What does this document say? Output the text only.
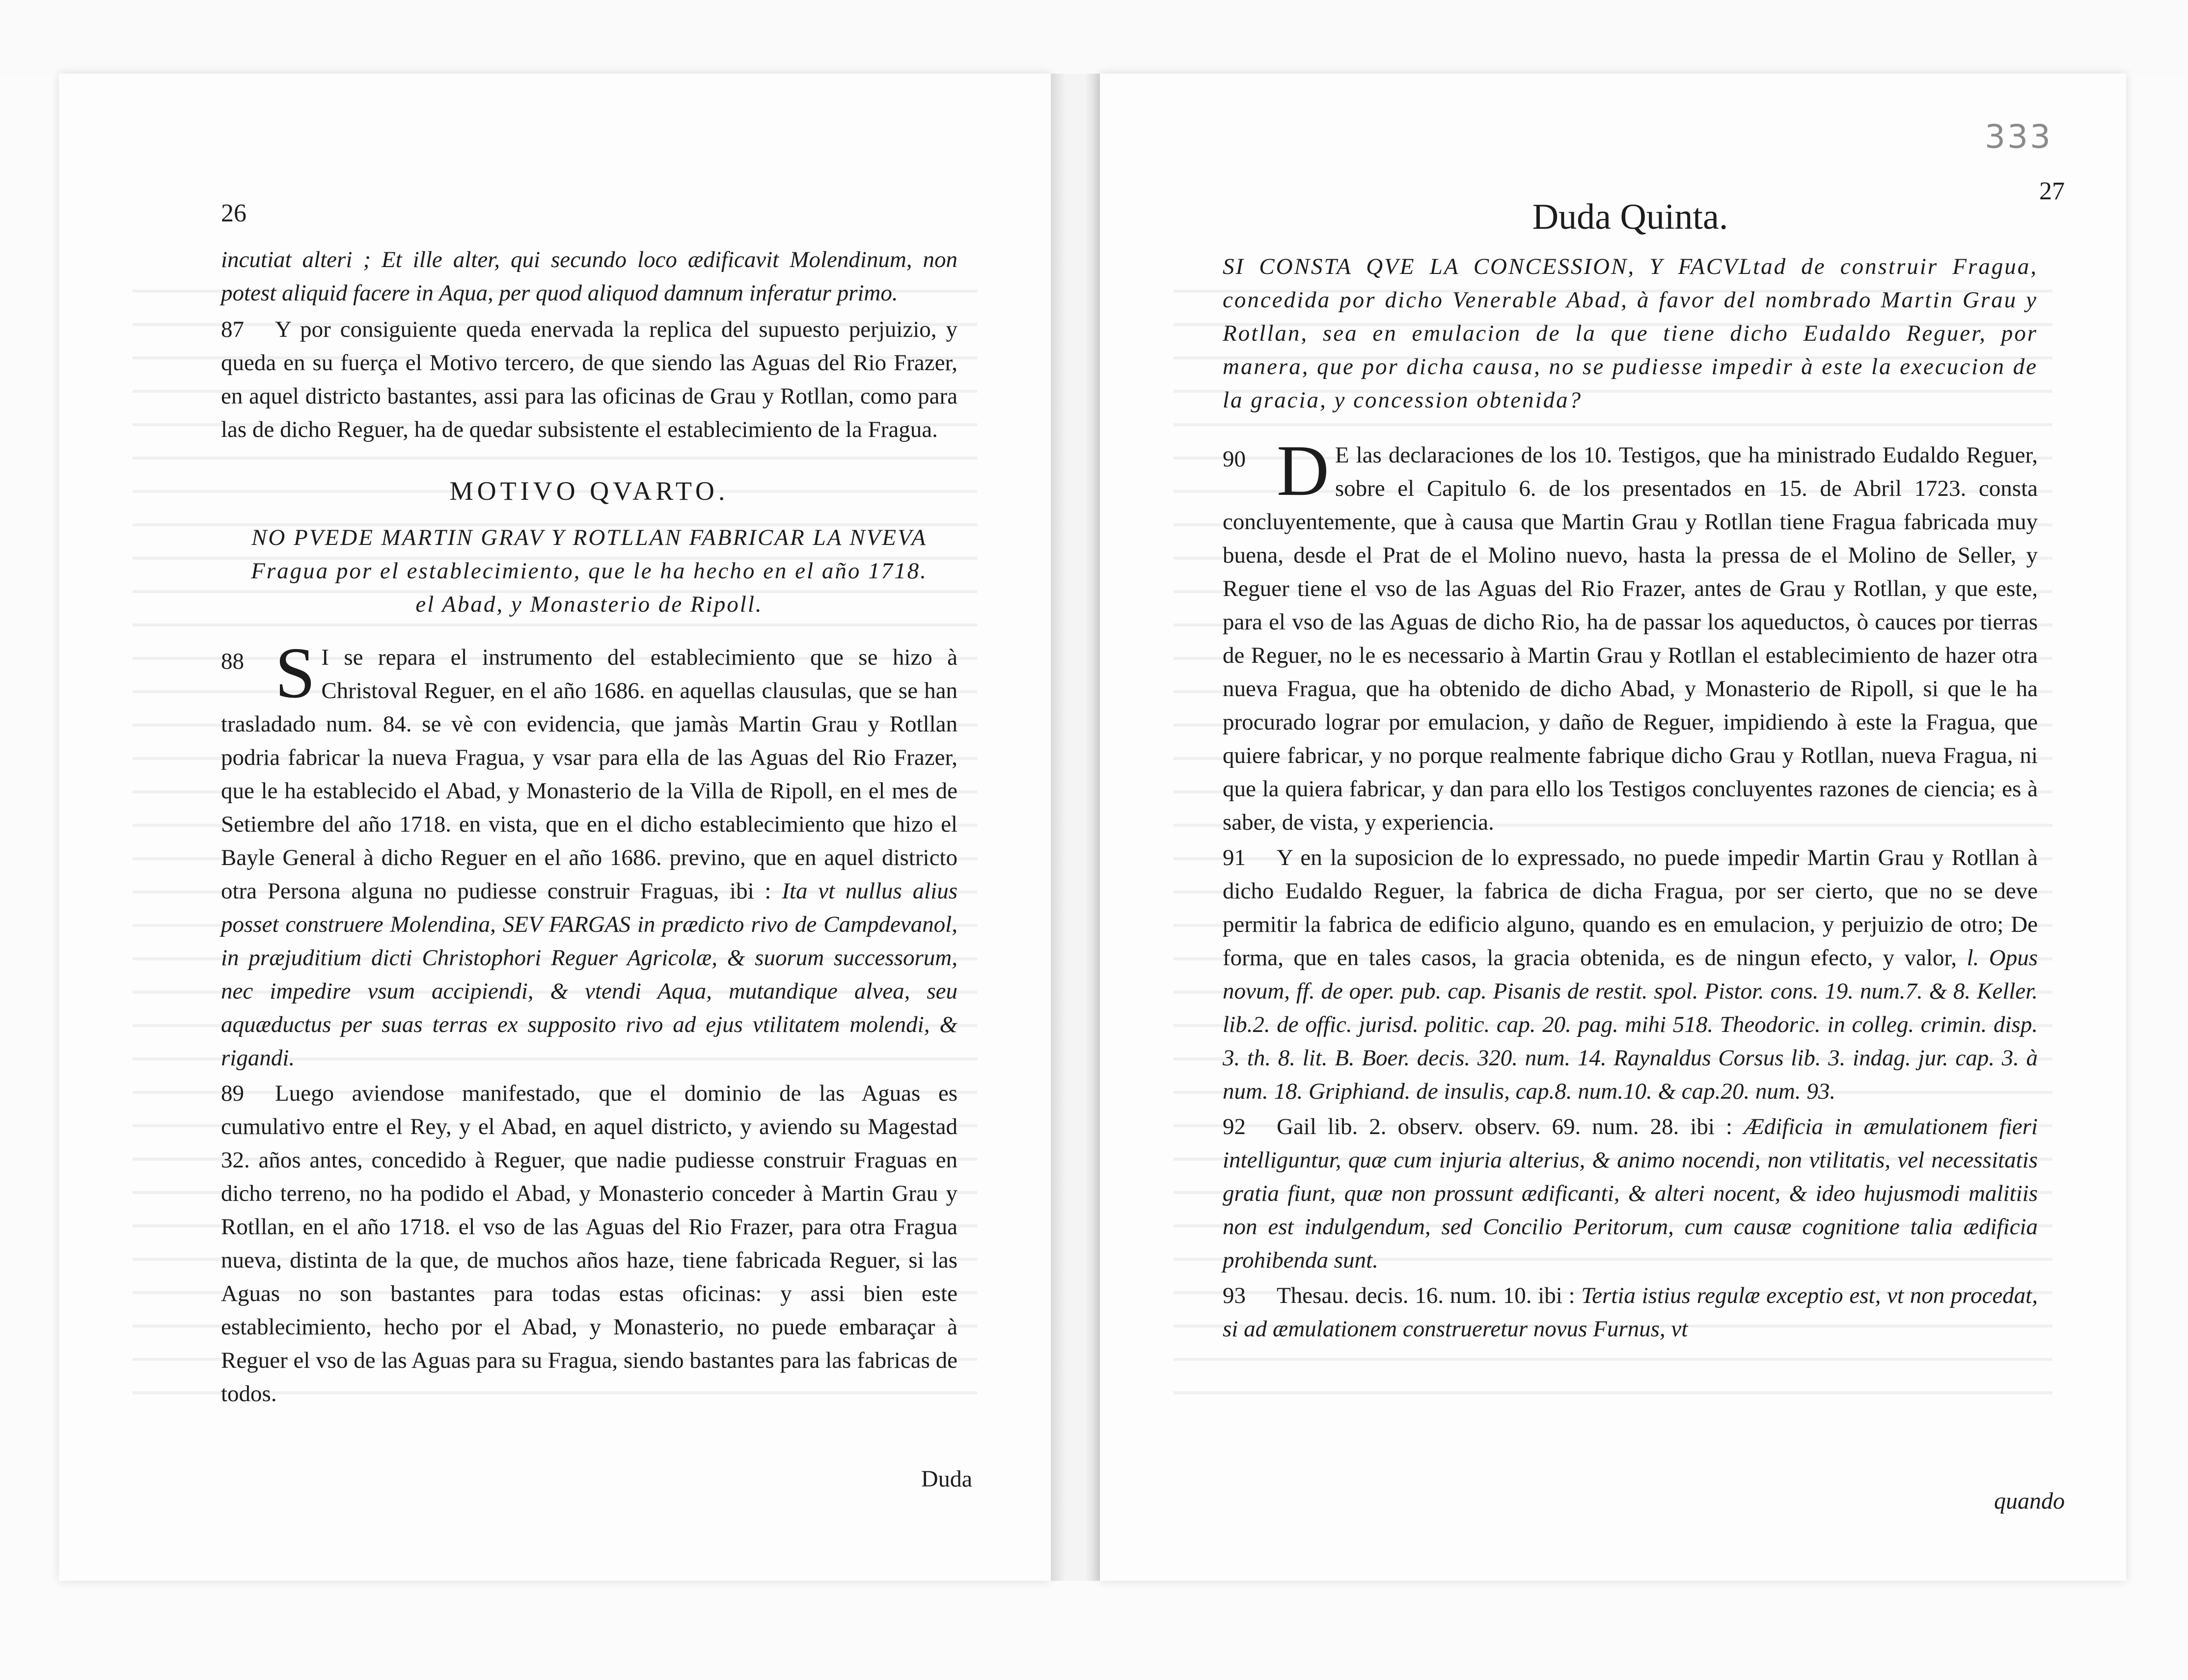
26

incutiat alteri ; Et ille alter, qui secundo loco ædificavit Molendinum, non potest aliquid facere in Aqua, per quod aliquod damnum inferatur primo.

87 Y por consiguiente queda enervada la replica del supuesto perjuizio, y queda en su fuerça el Motivo tercero, de que siendo las Aguas del Rio Frazer, en aquel districto bastantes, assi para las oficinas de Grau y Rotllan, como para las de dicho Reguer, ha de quedar subsistente el establecimiento de la Fragua.

MOTIVO QVARTO.

NO PVEDE MARTIN GRAV Y ROTLLAN FABRICAR LA NVEVA Fragua por el establecimiento, que le ha hecho en el año 1718. el Abad, y Monasterio de Ripoll.

88 S I se repara el instrumento del establecimiento que se hizo à Christoval Reguer, en el año 1686. en aquellas clausulas, que se han trasladado num. 84. se vè con evidencia, que jamàs Martin Grau y Rotllan podria fabricar la nueva Fragua, y vsar para ella de las Aguas del Rio Frazer, que le ha establecido el Abad, y Monasterio de la Villa de Ripoll, en el mes de Setiembre del año 1718. en vista, que en el dicho establecimiento que hizo el Bayle General à dicho Reguer en el año 1686. previno, que en aquel districto otra Persona alguna no pudiesse construir Fraguas, ibi : Ita vt nullus alius posset construere Molendina, SEV FARGAS in prædicto rivo de Campdevanol, in præjuditium dicti Christophori Reguer Agricolæ, & suorum successorum, nec impedire vsum accipiendi, & vtendi Aqua, mutandique alvea, seu aquæductus per suas terras ex supposito rivo ad ejus vtilitatem molendi, & rigandi.

89 Luego aviendose manifestado, que el dominio de las Aguas es cumulativo entre el Rey, y el Abad, en aquel districto, y aviendo su Magestad 32. años antes, concedido à Reguer, que nadie pudiesse construir Fraguas en dicho terreno, no ha podido el Abad, y Monasterio conceder à Martin Grau y Rotllan, en el año 1718. el vso de las Aguas del Rio Frazer, para otra Fragua nueva, distinta de la que, de muchos años haze, tiene fabricada Reguer, si las Aguas no son bastantes para todas estas oficinas: y assi bien este establecimiento, hecho por el Abad, y Monasterio, no puede embaraçar à Reguer el vso de las Aguas para su Fragua, siendo bastantes para las fabricas de todos.

Duda
333
27
Duda Quinta.

SI CONSTA QVE LA CONCESSION, Y FACVLtad de construir Fragua, concedida por dicho Venerable Abad, à favor del nombrado Martin Grau y Rotllan, sea en emulacion de la que tiene dicho Eudaldo Reguer, por manera, que por dicha causa, no se pudiesse impedir à este la execucion de la gracia, y concession obtenida?

90 D E las declaraciones de los 10. Testigos, que ha ministrado Eudaldo Reguer, sobre el Capitulo 6. de los presentados en 15. de Abril 1723. consta concluyentemente, que à causa que Martin Grau y Rotllan tiene Fragua fabricada muy buena, desde el Prat de el Molino nuevo, hasta la pressa de el Molino de Seller, y Reguer tiene el vso de las Aguas del Rio Frazer, antes de Grau y Rotllan, y que este, para el vso de las Aguas de dicho Rio, ha de passar los aqueductos, ò cauces por tierras de Reguer, no le es necessario à Martin Grau y Rotllan el establecimiento de hazer otra nueva Fragua, que ha obtenido de dicho Abad, y Monasterio de Ripoll, si que le ha procurado lograr por emulacion, y daño de Reguer, impidiendo à este la Fragua, que quiere fabricar, y no porque realmente fabrique dicho Grau y Rotllan, nueva Fragua, ni que la quiera fabricar, y dan para ello los Testigos concluyentes razones de ciencia; es à saber, de vista, y experiencia.

91 Y en la suposicion de lo expressado, no puede impedir Martin Grau y Rotllan à dicho Eudaldo Reguer, la fabrica de dicha Fragua, por ser cierto, que no se deve permitir la fabrica de edificio alguno, quando es en emulacion, y perjuizio de otro; De forma, que en tales casos, la gracia obtenida, es de ningun efecto, y valor, l. Opus novum, ff. de oper. pub. cap. Pisanis de restit. spol. Pistor. cons. 19. num.7. & 8. Keller. lib.2. de offic. jurisd. politic. cap. 20. pag. mihi 518. Theodoric. in colleg. crimin. disp. 3. th. 8. lit. B. Boer. decis. 320. num. 14. Raynaldus Corsus lib. 3. indag. jur. cap. 3. à num. 18. Griphiand. de insulis, cap.8. num.10. & cap.20. num. 93.

92 Gail lib. 2. observ. observ. 69. num. 28. ibi : Ædificia in æmulationem fieri intelliguntur, quæ cum injuria alterius, & animo nocendi, non vtilitatis, vel necessitatis gratia fiunt, quæ non prossunt ædificanti, & alteri nocent, & ideo hujusmodi malitiis non est indulgendum, sed Concilio Peritorum, cum causæ cognitione talia ædificia prohibenda sunt.

93 Thesau. decis. 16. num. 10. ibi : Tertia istius regulæ exceptio est, vt non procedat, si ad æmulationem construeretur novus Furnus, vt

quando
